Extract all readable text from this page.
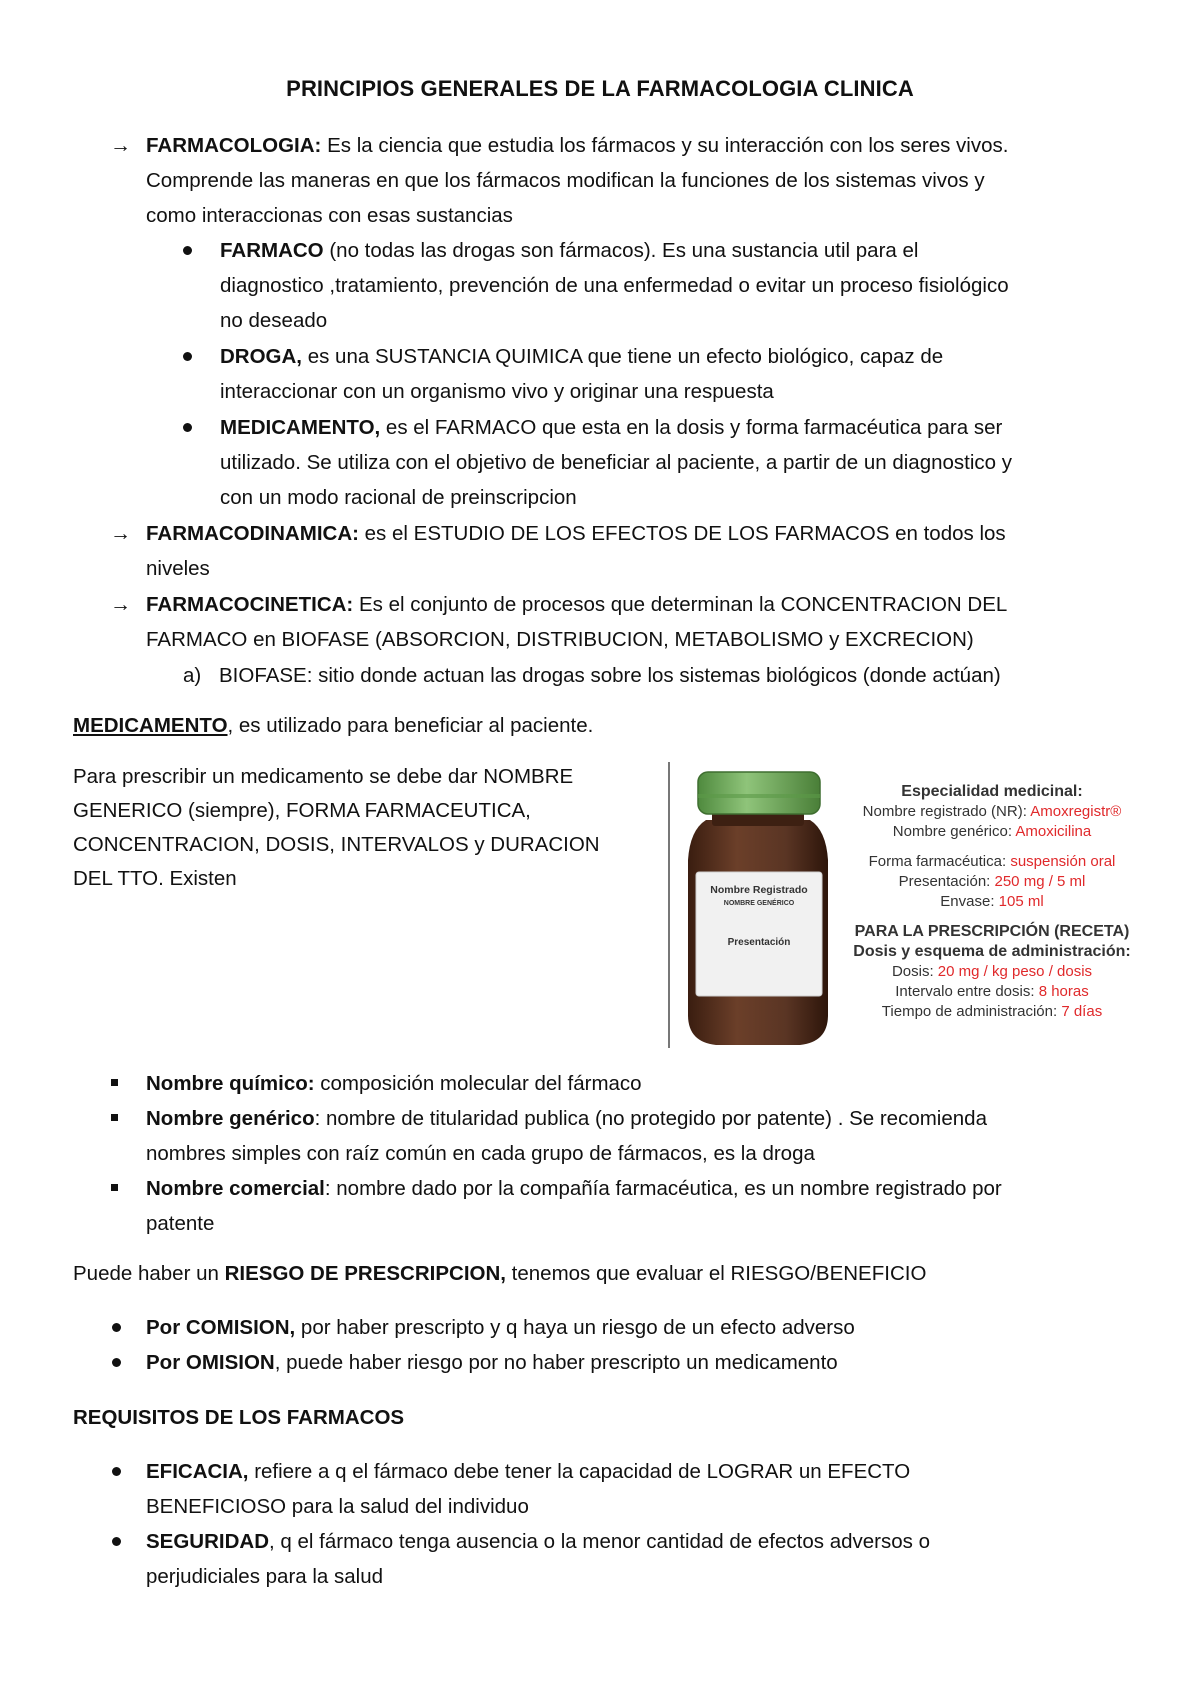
PRINCIPIOS GENERALES DE LA FARMACOLOGIA CLINICA
→ FARMACOLOGIA: Es la ciencia que estudia los fármacos y su interacción con los seres vivos.
Comprende las maneras en que los fármacos modifican la funciones de los sistemas vivos y
como interaccionas con esas sustancias
FARMACO (no todas las drogas son fármacos). Es una sustancia util para el
diagnostico ,tratamiento, prevención de una enfermedad o evitar un proceso fisiológico
no deseado
DROGA, es una SUSTANCIA QUIMICA que tiene un efecto biológico, capaz de
interaccionar con un organismo vivo y originar una respuesta
MEDICAMENTO, es el FARMACO que esta en la dosis y forma farmacéutica para ser
utilizado. Se utiliza con el objetivo de beneficiar al paciente, a partir de un diagnostico y
con un modo racional de preinscripcion
→ FARMACODINAMICA: es el ESTUDIO DE LOS EFECTOS DE LOS FARMACOS en todos los
niveles
→ FARMACOCINETICA: Es el conjunto de procesos que determinan la CONCENTRACION DEL
FARMACO en BIOFASE (ABSORCION, DISTRIBUCION, METABOLISMO y EXCRECION)
a) BIOFASE: sitio donde actuan las drogas sobre los sistemas biológicos (donde actúan)
MEDICAMENTO, es utilizado para beneficiar al paciente.
Para prescribir un medicamento se debe dar NOMBRE
GENERICO (siempre), FORMA FARMACEUTICA,
CONCENTRACION, DOSIS, INTERVALOS y DURACION
DEL TTO. Existen	Nombre Registrado
NOMBRE GENÉRICO
Presentación
Especialidad medicinal:
Nombre registrado (NR): Amoxregistr®
Nombre genérico: Amoxicilina
Forma farmacéutica: suspensión oral
Presentación: 250 mg / 5 ml
Envase: 105 ml
PARA LA PRESCRIPCIÓN (RECETA)
Dosis y esquema de administración:
Dosis: 20 mg / kg peso / dosis
Intervalo entre dosis: 8 horas
Tiempo de administración: 7 días
Nombre químico: composición molecular del fármaco
Nombre genérico: nombre de titularidad publica (no protegido por patente) . Se recomienda
nombres simples con raíz común en cada grupo de fármacos, es la droga
Nombre comercial: nombre dado por la compañía farmacéutica, es un nombre registrado por
patente
Puede haber un RIESGO DE PRESCRIPCION, tenemos que evaluar el RIESGO/BENEFICIO
Por COMISION, por haber prescripto y q haya un riesgo de un efecto adverso
Por OMISION, puede haber riesgo por no haber prescripto un medicamento
REQUISITOS DE LOS FARMACOS
EFICACIA, refiere a q el fármaco debe tener la capacidad de LOGRAR un EFECTO
BENEFICIOSO para la salud del individuo
SEGURIDAD, q el fármaco tenga ausencia o la menor cantidad de efectos adversos o
perjudiciales para la salud
